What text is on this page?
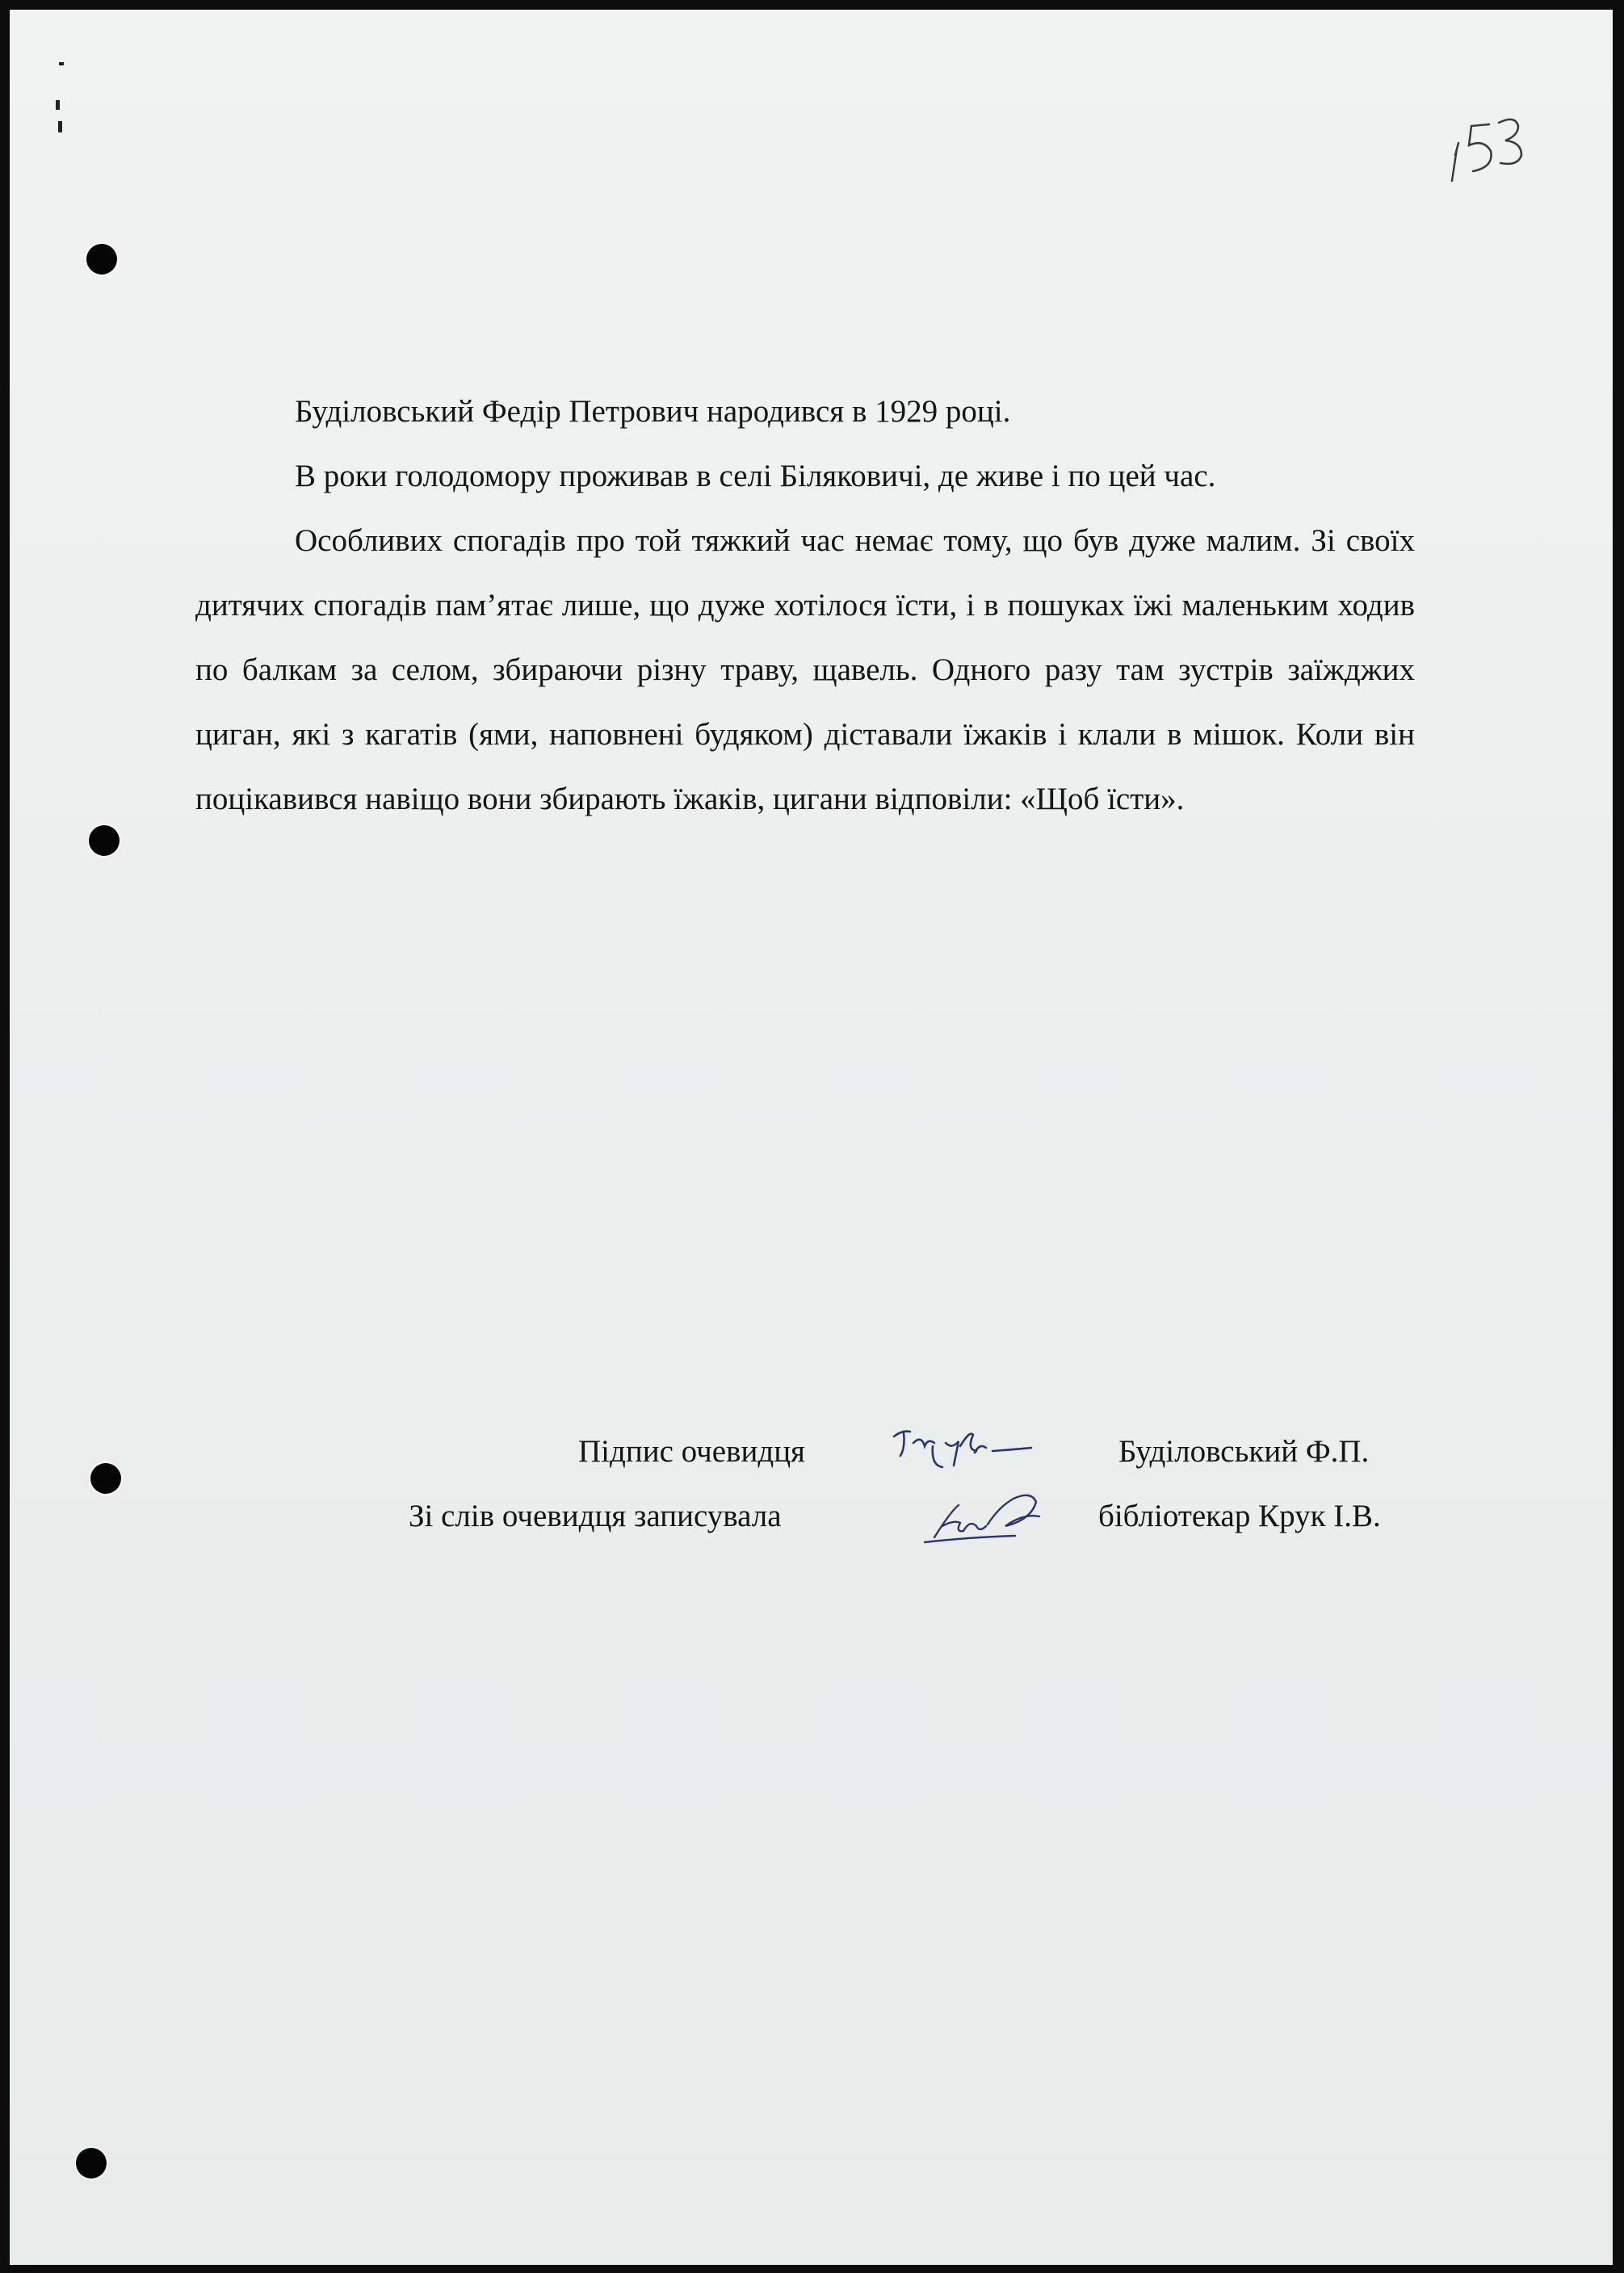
Буділовський Федір Петрович народився в 1929 році.

В роки голодомору проживав в селі Біляковичі, де живе і по цей час.

Особливих спогадів про той тяжкий час немає тому, що був дуже малим. Зі своїх дитячих спогадів пам’ятає лише, що дуже хотілося їсти, і в пошуках їжі маленьким ходив по балкам за селом, збираючи різну траву, щавель. Одного разу там зустрів заїжджих циган, які з кагатів (ями, наповнені будяком) діставали їжаків і клали в мішок. Коли він поцікавився навіщо вони збирають їжаків, цигани відповіли: «Щоб їсти».

Підпис очевидця	Буділовський Ф.П.
Зі слів очевидця записувала	бібліотекар Крук І.В.
